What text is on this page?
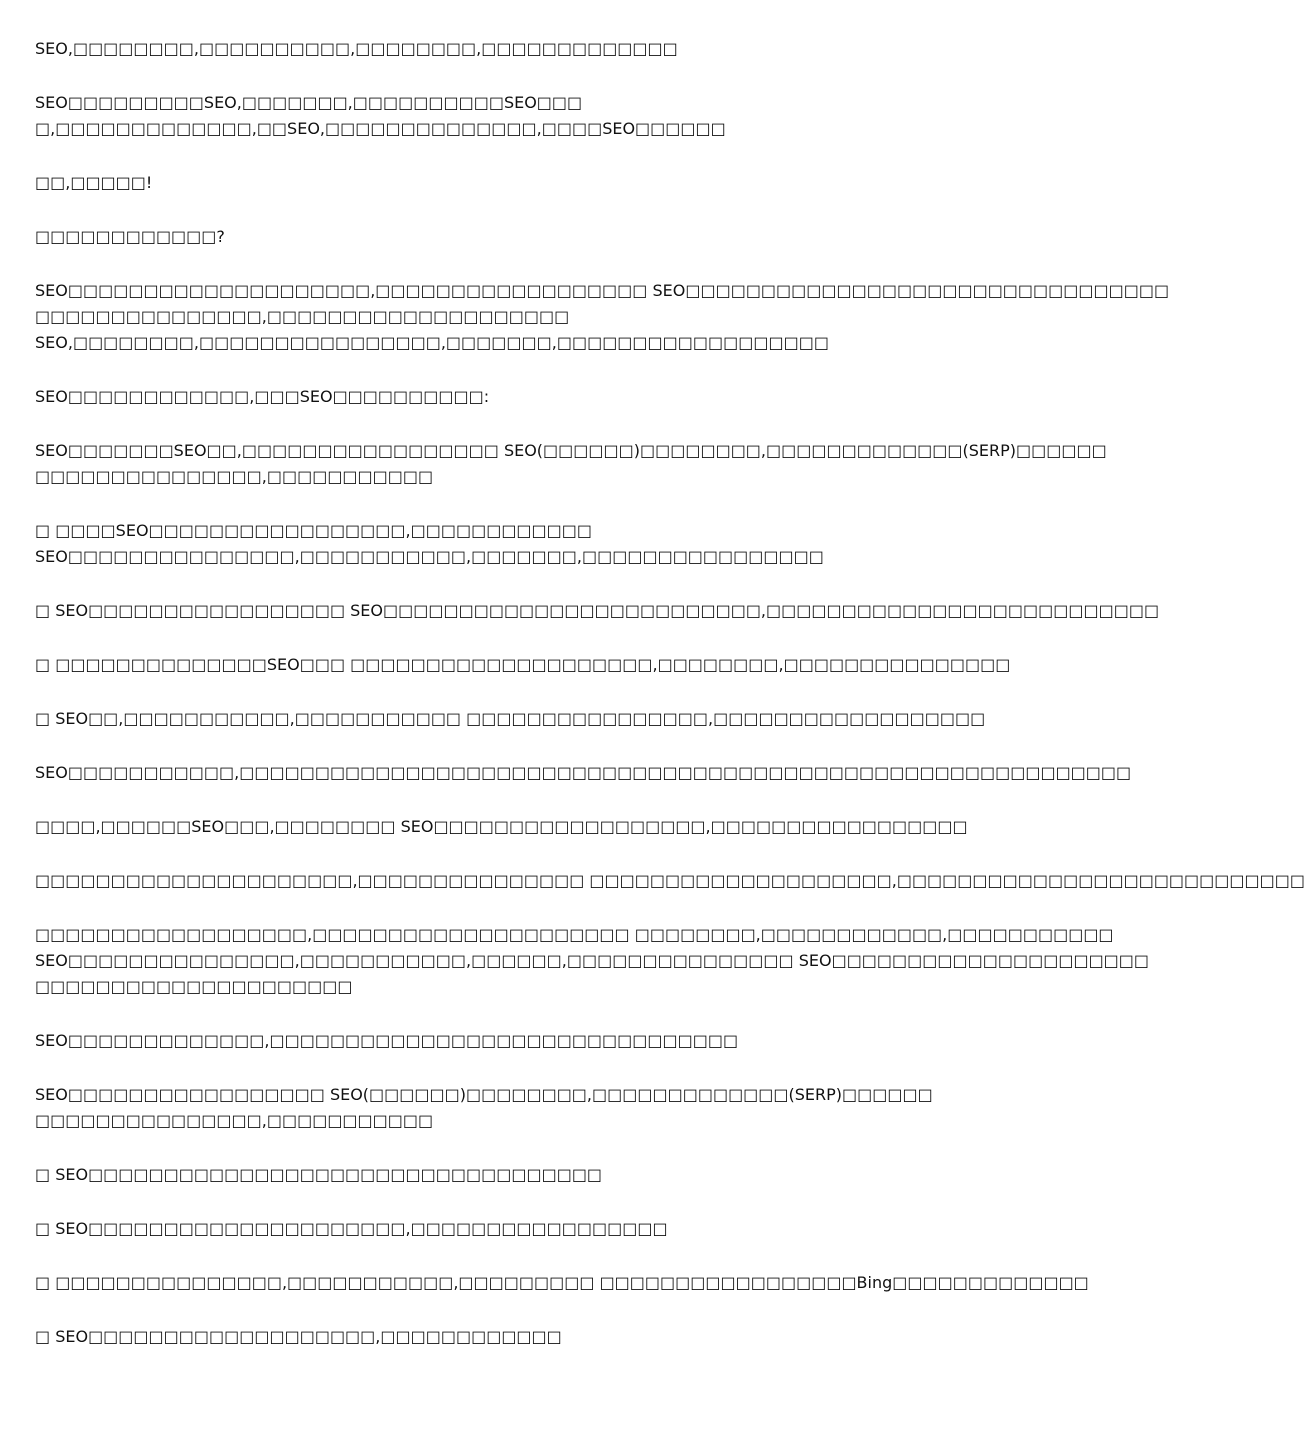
SEO,□□□□□□□□,□□□□□□□□□□,□□□□□□□□,□□□□□□□□□□□□□
SEO□□□□□□□□□SEO,□□□□□□□,□□□□□□□□□□SEO□□□
□,□□□□□□□□□□□□□,□□SEO,□□□□□□□□□□□□□□,□□□□SEO□□□□□□
□□,□□□□□!
□□□□□□□□□□□□?
SEO□□□□□□□□□□□□□□□□□□□□,□□□□□□□□□□□□□□□□□□ SEO□□□□□□□□□□□□□□□□□□□□□□□□□□□□□□□□
□□□□□□□□□□□□□□□,□□□□□□□□□□□□□□□□□□□□
SEO,□□□□□□□□,□□□□□□□□□□□□□□□□,□□□□□□□,□□□□□□□□□□□□□□□□□□
SEO□□□□□□□□□□□□,□□□SEO□□□□□□□□□□:
SEO□□□□□□□SEO□□,□□□□□□□□□□□□□□□□□ SEO(□□□□□□)□□□□□□□□,□□□□□□□□□□□□□(SERP)□□□□□□
□□□□□□□□□□□□□□□,□□□□□□□□□□□
□ □□□□SEO□□□□□□□□□□□□□□□□□,□□□□□□□□□□□□
SEO□□□□□□□□□□□□□□□,□□□□□□□□□□□,□□□□□□□,□□□□□□□□□□□□□□□□
□ SEO□□□□□□□□□□□□□□□□□ SEO□□□□□□□□□□□□□□□□□□□□□□□□□,□□□□□□□□□□□□□□□□□□□□□□□□□□
□ □□□□□□□□□□□□□□SEO□□□ □□□□□□□□□□□□□□□□□□□□,□□□□□□□□,□□□□□□□□□□□□□□□
□ SEO□□,□□□□□□□□□□□,□□□□□□□□□□□ □□□□□□□□□□□□□□□□,□□□□□□□□□□□□□□□□□□
SEO□□□□□□□□□□□,□□□□□□□□□□□□□□□□□□□□□□□□□□□□□□□□□□□□□□□□□□□□□□□□□□□□□□□□□□□
□□□□,□□□□□□SEO□□□,□□□□□□□□ SEO□□□□□□□□□□□□□□□□□□,□□□□□□□□□□□□□□□□□
□□□□□□□□□□□□□□□□□□□□□,□□□□□□□□□□□□□□□ □□□□□□□□□□□□□□□□□□□□,□□□□□□□□□□□□□□□□□□□□□□□□□□□
□□□□□□□□□□□□□□□□□□,□□□□□□□□□□□□□□□□□□□□□ □□□□□□□□,□□□□□□□□□□□□,□□□□□□□□□□□
SEO□□□□□□□□□□□□□□□,□□□□□□□□□□□,□□□□□□,□□□□□□□□□□□□□□□ SEO□□□□□□□□□□□□□□□□□□□□□
□□□□□□□□□□□□□□□□□□□□□
SEO□□□□□□□□□□□□□,□□□□□□□□□□□□□□□□□□□□□□□□□□□□□□□
SEO□□□□□□□□□□□□□□□□□ SEO(□□□□□□)□□□□□□□□,□□□□□□□□□□□□□(SERP)□□□□□□
□□□□□□□□□□□□□□□,□□□□□□□□□□□
□ SEO□□□□□□□□□□□□□□□□□□□□□□□□□□□□□□□□□□
□ SEO□□□□□□□□□□□□□□□□□□□□□,□□□□□□□□□□□□□□□□□
□ □□□□□□□□□□□□□□□,□□□□□□□□□□□,□□□□□□□□□ □□□□□□□□□□□□□□□□□Bing□□□□□□□□□□□□□
□ SEO□□□□□□□□□□□□□□□□□□□,□□□□□□□□□□□□
